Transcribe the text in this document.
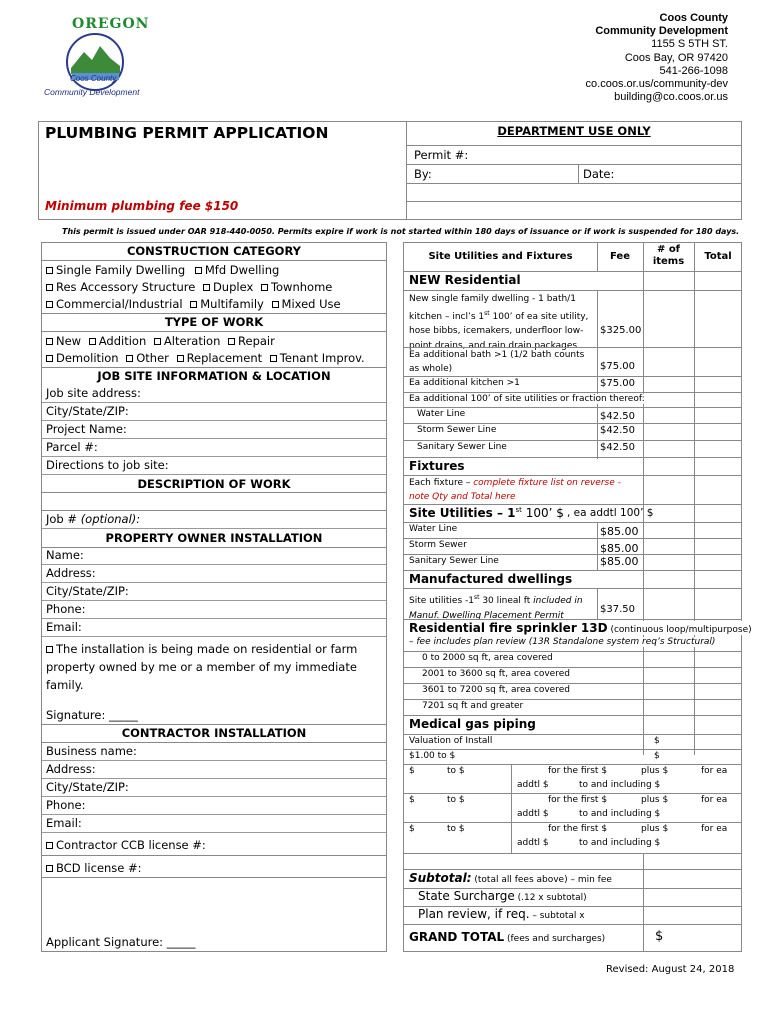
OREGON
Coos County
Community Development
Coos County
Community Development
1155 S 5TH ST.
Coos Bay, OR 97420
541-266-1098
co.coos.or.us/community-dev
building@co.coos.or.us
PLUMBING PERMIT APPLICATION
Minimum plumbing fee $150
DEPARTMENT USE ONLY
Permit #:
By:	Date:
This permit is issued under OAR 918-440-0050. Permits expire if work is not started within 180 days of issuance or if work is suspended for 180 days.
CONSTRUCTION CATEGORY
Single Family Dwelling Mfd Dwelling
Res Accessory Structure Duplex Townhome
Commercial/Industrial Multifamily Mixed Use
TYPE OF WORK
New Addition Alteration Repair
Demolition Other Replacement Tenant Improv.
JOB SITE INFORMATION & LOCATION
Job site address:
City/State/ZIP:
Project Name:
Parcel #:
Directions to job site:
DESCRIPTION OF WORK
Job # (optional):
PROPERTY OWNER INSTALLATION
Name:
Address:
City/State/ZIP:
Phone:
Email:
The installation is being made on residential or farm
property owned by me or a member of my immediate
family.
Signature: _____
CONTRACTOR INSTALLATION
Business name:
Address:
City/State/ZIP:
Phone:
Email:
Contractor CCB license #:
BCD license #:
Applicant Signature: _____
Site Utilities and Fixtures	Fee
# of
items	Total
NEW Residential
New single family dwelling - 1 bath/1
kitchen – incl’s 1st 100’ of ea site utility,
hose bibbs, icemakers, underfloor low-
point drains, and rain drain packages
$325.00
Ea additional bath >1 (1/2 bath counts
as whole)	$75.00
Ea additional kitchen >1	$75.00
Ea additional 100’ of site utilities or fraction thereof:
Water Line	$42.50
Storm Sewer Line	$42.50
Sanitary Sewer Line	$42.50
Fixtures
Each fixture – complete fixture list on reverse -
note Qty and Total here
Site Utilities – 1st 100’ $ , ea addtl 100’ $
Water Line	$85.00
Storm Sewer	$85.00
Sanitary Sewer Line	$85.00
Manufactured dwellings
Site utilities -1st 30 lineal ft included in
Manuf. Dwelling Placement Permit
$37.50
Residential fire sprinkler 13D (continuous loop/multipurpose)
– fee includes plan review (13R Standalone system req’s Structural)
0 to 2000 sq ft, area covered
2001 to 3600 sq ft, area covered
3601 to 7200 sq ft, area covered
7201 sq ft and greater
Medical gas piping
Valuation of Install	$
$1.00 to $	$
$	to $	for the first $	plus $	for ea
addtl $	to and including $
$	to $	for the first $	plus $	for ea
addtl $	to and including $
$	to $	for the first $	plus $	for ea
addtl $	to and including $
Subtotal: (total all fees above) – min fee
State Surcharge (.12 x subtotal)
Plan review, if req. – subtotal x
GRAND TOTAL (fees and surcharges)	$
Revised: August 24, 2018
